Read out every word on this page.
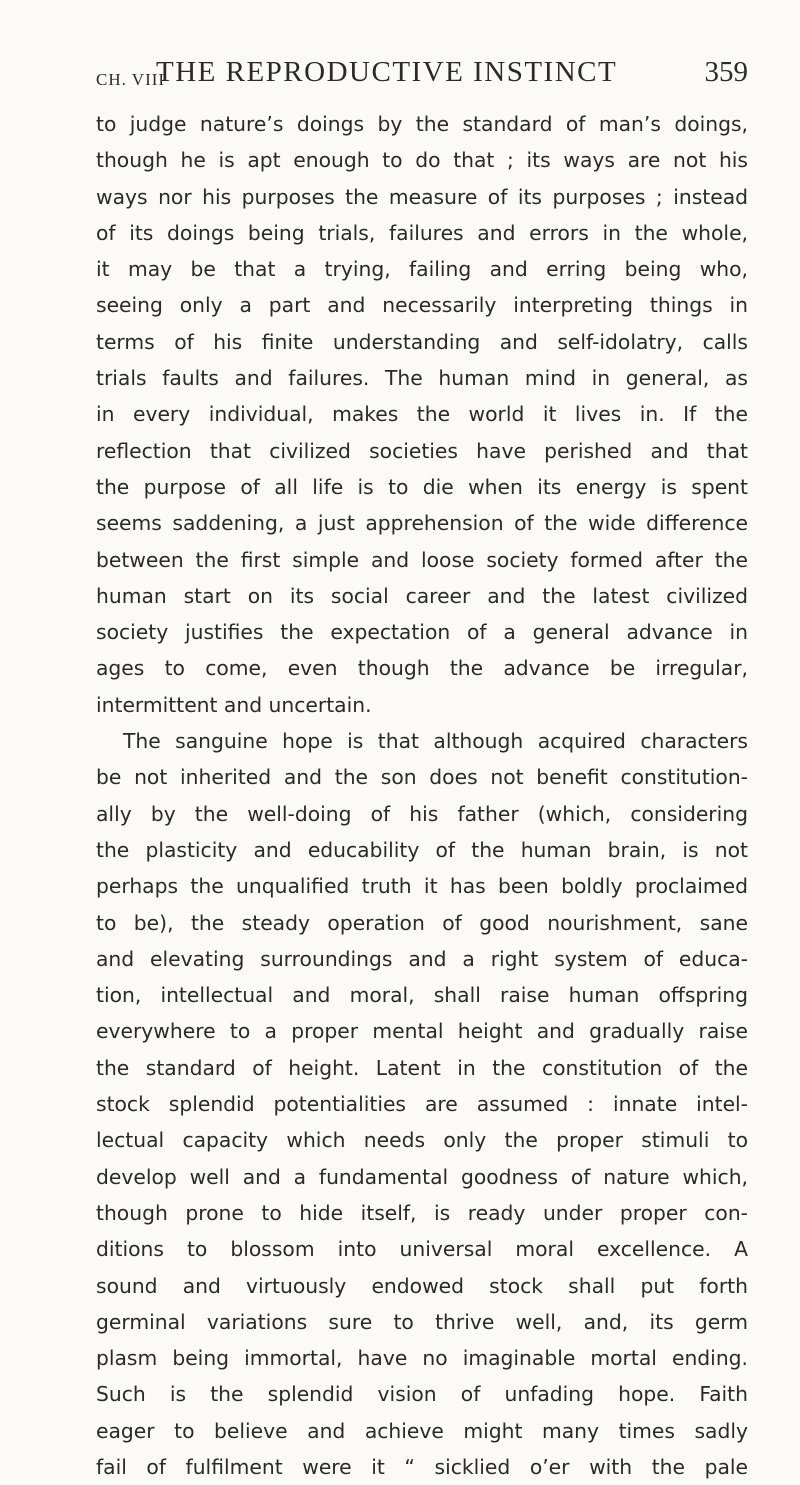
CH. VIII
THE REPRODUCTIVE INSTINCT	359
to judge nature’s doings by the standard of man’s doings,
though he is apt enough to do that ; its ways are not his
ways nor his purposes the measure of its purposes ; instead
of its doings being trials, failures and errors in the whole,
it may be that a trying, failing and erring being who,
seeing only a part and necessarily interpreting things in
terms of his finite understanding and self-idolatry, calls
trials faults and failures. The human mind in general, as
in every individual, makes the world it lives in. If the
reflection that civilized societies have perished and that
the purpose of all life is to die when its energy is spent
seems saddening, a just apprehension of the wide difference
between the first simple and loose society formed after the
human start on its social career and the latest civilized
society justifies the expectation of a general advance in
ages to come, even though the advance be irregular,
intermittent and uncertain.
The sanguine hope is that although acquired characters
be not inherited and the son does not benefit constitution-
ally by the well-doing of his father (which, considering
the plasticity and educability of the human brain, is not
perhaps the unqualified truth it has been boldly proclaimed
to be), the steady operation of good nourishment, sane
and elevating surroundings and a right system of educa-
tion, intellectual and moral, shall raise human offspring
everywhere to a proper mental height and gradually raise
the standard of height. Latent in the constitution of the
stock splendid potentialities are assumed : innate intel-
lectual capacity which needs only the proper stimuli to
develop well and a fundamental goodness of nature which,
though prone to hide itself, is ready under proper con-
ditions to blossom into universal moral excellence. A
sound and virtuously endowed stock shall put forth
germinal variations sure to thrive well, and, its germ
plasm being immortal, have no imaginable mortal ending.
Such is the splendid vision of unfading hope. Faith
eager to believe and achieve might many times sadly
fail of fulfilment were it “ sicklied o’er with the pale
